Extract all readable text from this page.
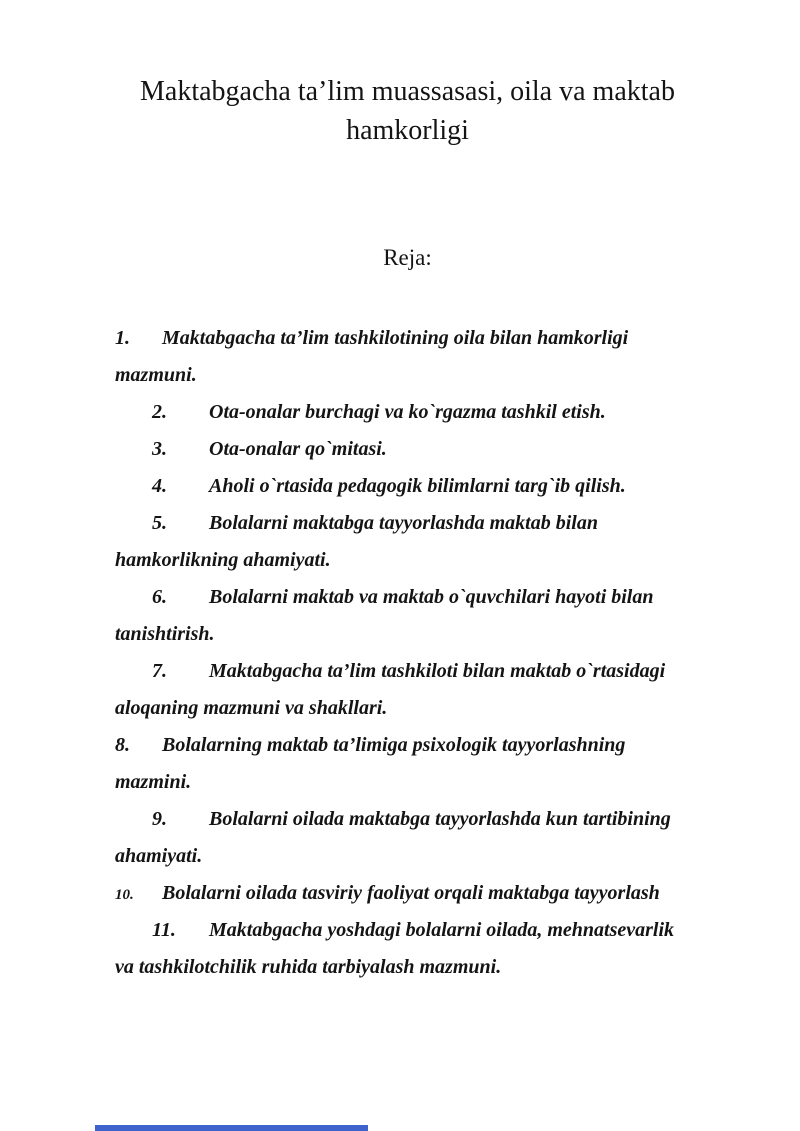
Maktabgacha ta’lim muassasasi, oila va maktab hamkorligi
Reja:
1. Maktabgacha ta’lim tashkilotining oila bilan hamkorligi
mazmuni.
2. Ota-onalar burchagi va ko`rgazma tashkil etish.
3. Ota-onalar qo`mitasi.
4. Aholi o`rtasida pedagogik bilimlarni targ`ib qilish.
5. Bolalarni maktabga tayyorlashda maktab bilan
hamkorlikning ahamiyati.
6. Bolalarni maktab va maktab o`quvchilari hayoti bilan
tanishtirish.
7. Maktabgacha ta’lim tashkiloti bilan maktab o`rtasidagi
aloqaning mazmuni va shakllari.
8. Bolalarning maktab ta’limiga psixologik tayyorlashning
mazmini.
9. Bolalarni oilada maktabga tayyorlashda kun tartibining
ahamiyati.
10. Bolalarni oilada tasviriy faoliyat orqali maktabga tayyorlash
11. Maktabgacha yoshdagi bolalarni oilada, mehnatsevarlik
va tashkilotchilik ruhida tarbiyalash mazmuni.
